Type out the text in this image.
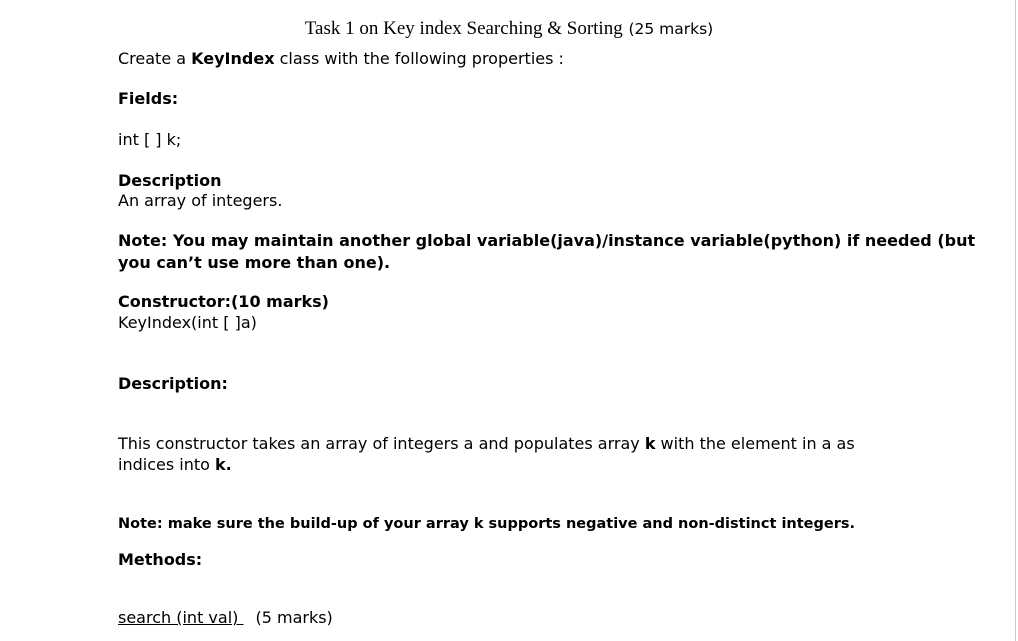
Task 1 on Key index Searching & Sorting (25 marks)
Create a KeyIndex class with the following properties :
Fields:
int [ ] k;
Description
An array of integers.
Note: You may maintain another global variable(java)/instance variable(python) if needed (but
you can’t use more than one).
Constructor:(10 marks)
KeyIndex(int [ ]a)
Description:
This constructor takes an array of integers a and populates array k with the element in a as
indices into k.
Note: make sure the build-up of your array k supports negative and non-distinct integers.
Methods:
search (int val) (5 marks)
